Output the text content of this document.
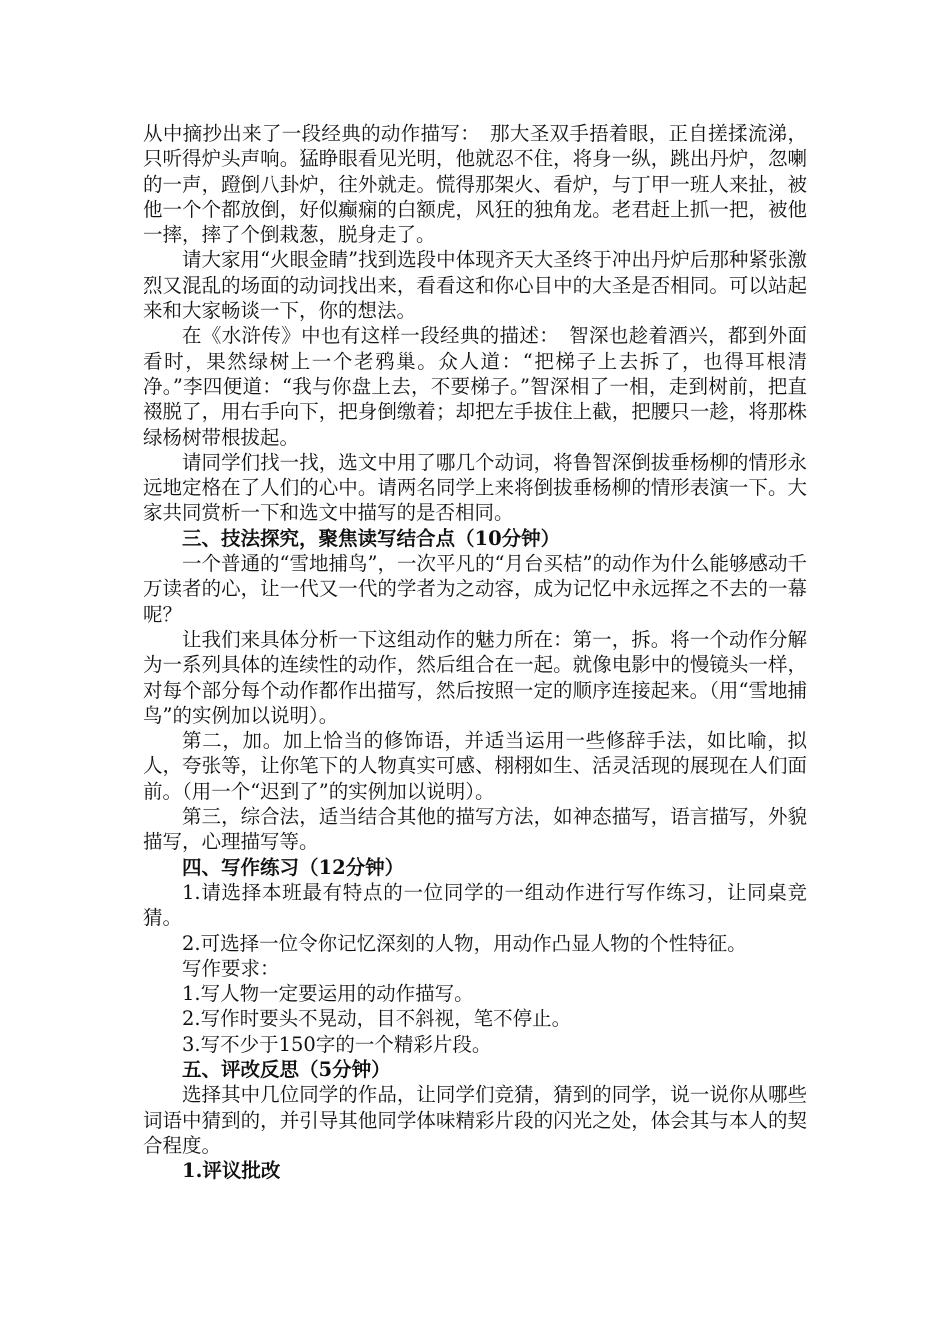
从中摘抄出来了一段经典的动作描写：　那大圣双手捂着眼，正自搓揉流涕，只听得炉头声响。猛睁眼看见光明，他就忍不住，将身一纵，跳出丹炉，忽喇的一声，蹬倒八卦炉，往外就走。慌得那架火、看炉，与丁甲一班人来扯，被他一个个都放倒，好似癫痫的白额虎，风狂的独角龙。老君赶上抓一把，被他一摔，摔了个倒栽葱，脱身走了。

请大家用“火眼金睛”找到选段中体现齐天大圣终于冲出丹炉后那种紧张激烈又混乱的场面的动词找出来，看看这和你心目中的大圣是否相同。可以站起来和大家畅谈一下，你的想法。

在《水浒传》中也有这样一段经典的描述：　智深也趁着酒兴，都到外面看时，果然绿树上一个老鸦巢。众人道：“把梯子上去拆了，也得耳根清净。”李四便道：“我与你盘上去，不要梯子。”智深相了一相，走到树前，把直裰脱了，用右手向下，把身倒缴着；却把左手拔住上截，把腰只一趁，将那株绿杨树带根拔起。

请同学们找一找，选文中用了哪几个动词，将鲁智深倒拔垂杨柳的情形永远地定格在了人们的心中。请两名同学上来将倒拔垂杨柳的情形表演一下。大家共同赏析一下和选文中描写的是否相同。

三、技法探究，聚焦读写结合点（10分钟）

一个普通的“雪地捕鸟”，一次平凡的“月台买桔”的动作为什么能够感动千万读者的心，让一代又一代的学者为之动容，成为记忆中永远挥之不去的一幕呢？

让我们来具体分析一下这组动作的魅力所在：第一，拆。将一个动作分解为一系列具体的连续性的动作，然后组合在一起。就像电影中的慢镜头一样，对每个部分每个动作都作出描写，然后按照一定的顺序连接起来。（用“雪地捕鸟”的实例加以说明）。

第二，加。加上恰当的修饰语，并适当运用一些修辞手法，如比喻，拟人，夸张等，让你笔下的人物真实可感、栩栩如生、活灵活现的展现在人们面前。（用一个“迟到了”的实例加以说明）。

第三，综合法，适当结合其他的描写方法，如神态描写，语言描写，外貌描写，心理描写等。

四、写作练习（12分钟）

1.请选择本班最有特点的一位同学的一组动作进行写作练习，让同桌竞猜。

2.可选择一位令你记忆深刻的人物，用动作凸显人物的个性特征。

写作要求：

1.写人物一定要运用的动作描写。

2.写作时要头不晃动，目不斜视，笔不停止。

3.写不少于150字的一个精彩片段。

五、评改反思（5分钟）

选择其中几位同学的作品，让同学们竞猜，猜到的同学，说一说你从哪些词语中猜到的，并引导其他同学体味精彩片段的闪光之处，体会其与本人的契合程度。

1.评议批改
